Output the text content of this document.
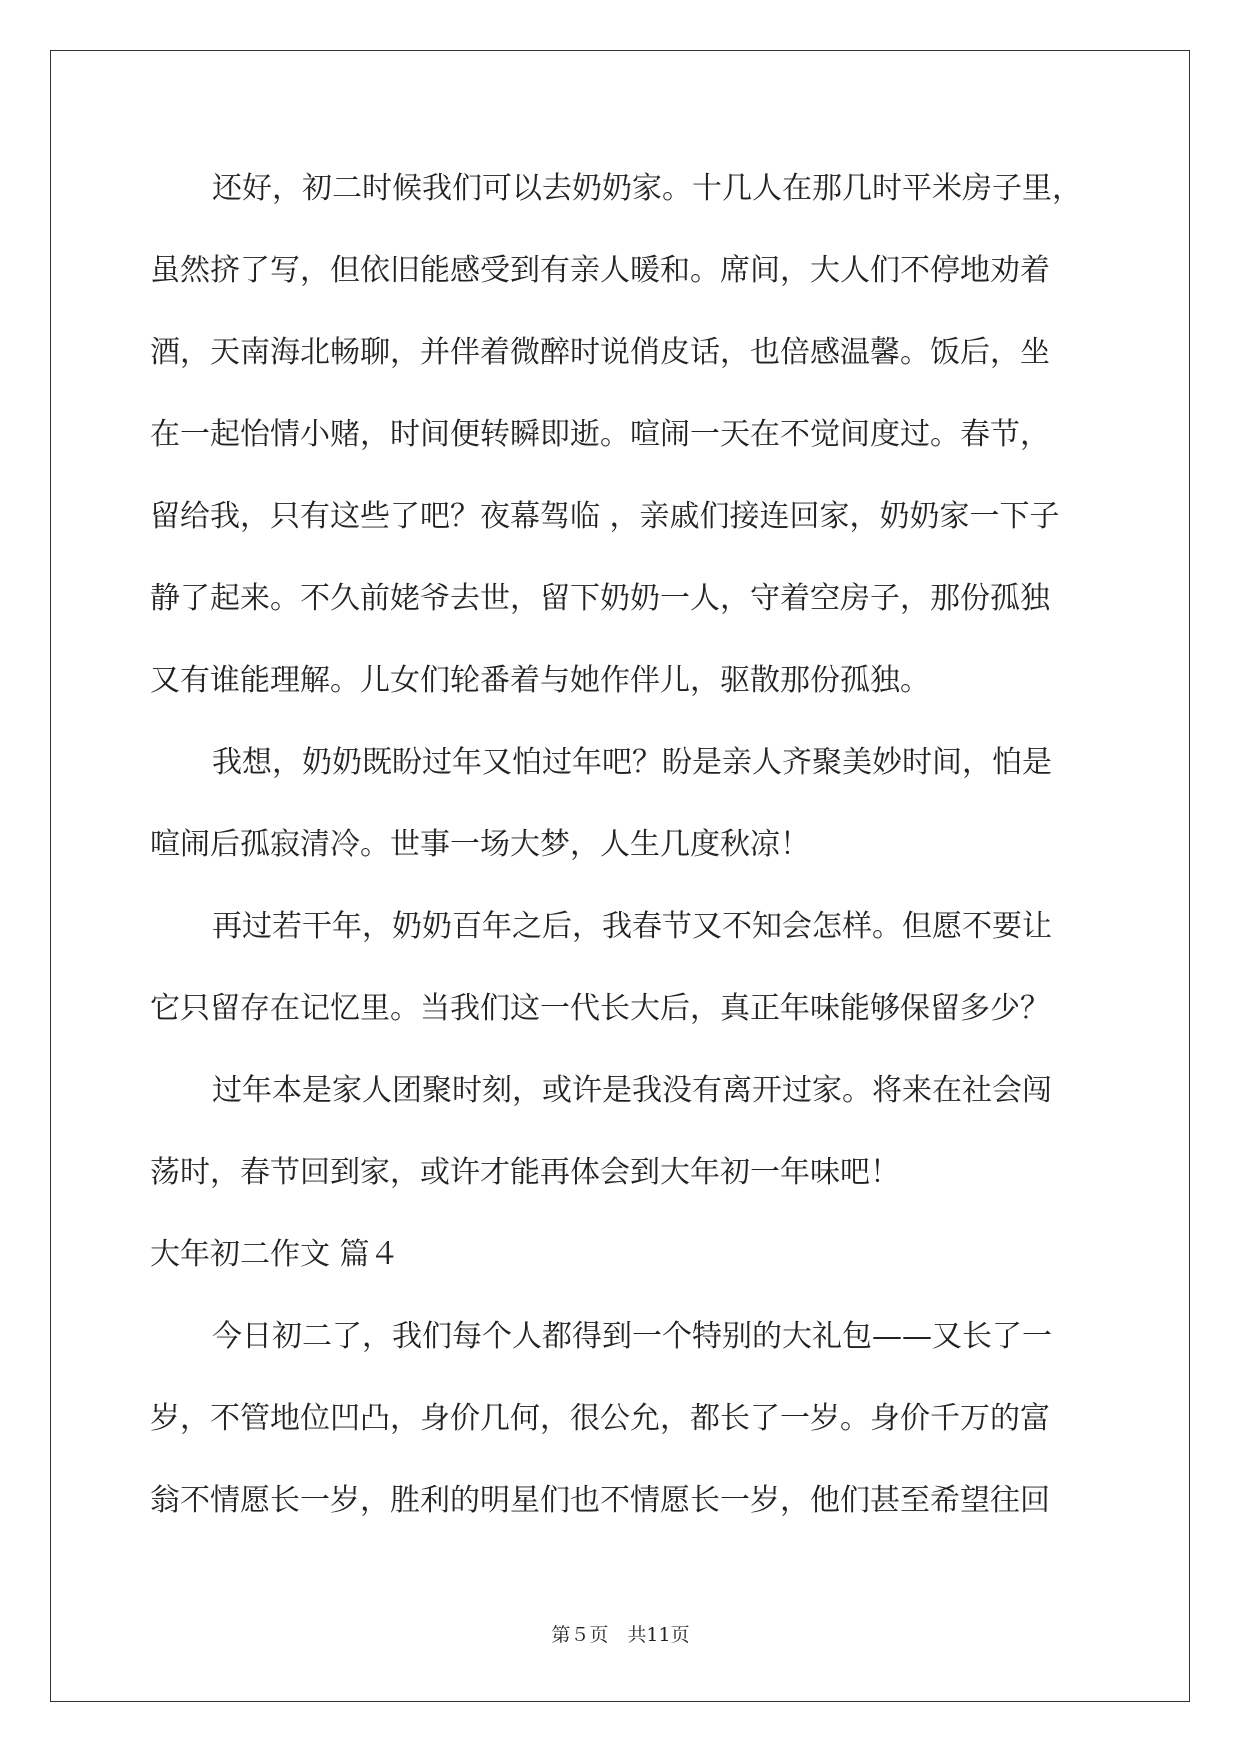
还好，初二时候我们可以去奶奶家。十几人在那几时平米房子里，
虽然挤了写，但依旧能感受到有亲人暖和。席间，大人们不停地劝着
酒，天南海北畅聊，并伴着微醉时说俏皮话，也倍感温馨。饭后，坐
在一起怡情小赌，时间便转瞬即逝。喧闹一天在不觉间度过。春节，
留给我，只有这些了吧？夜幕驾临 ，亲戚们接连回家，奶奶家一下子
静了起来。不久前姥爷去世，留下奶奶一人，守着空房子，那份孤独
又有谁能理解。儿女们轮番着与她作伴儿，驱散那份孤独。
我想，奶奶既盼过年又怕过年吧？盼是亲人齐聚美妙时间，怕是
喧闹后孤寂清冷。世事一场大梦，人生几度秋凉！
再过若干年，奶奶百年之后，我春节又不知会怎样。但愿不要让
它只留存在记忆里。当我们这一代长大后，真正年味能够保留多少？
过年本是家人团聚时刻，或许是我没有离开过家。将来在社会闯
荡时，春节回到家，或许才能再体会到大年初一年味吧！
大年初二作文 篇４
今日初二了，我们每个人都得到一个特别的大礼包——又长了一
岁，不管地位凹凸，身价几何，很公允，都长了一岁。身价千万的富
翁不情愿长一岁，胜利的明星们也不情愿长一岁，他们甚至希望往回
第５页　共11页
